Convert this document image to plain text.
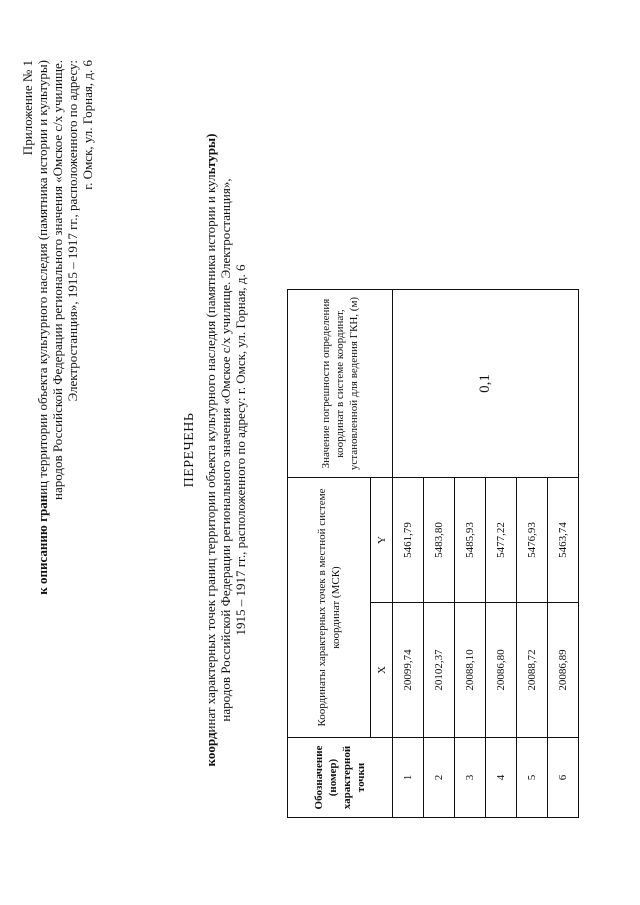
Приложение № 1
к описанию границ территории объекта культурного наследия (памятника истории и культуры) народов Российской Федерации регионального значения «Омское с/х училище. Электростанция», 1915 – 1917 гг., расположенного по адресу: г. Омск, ул. Горная, д. 6
ПЕРЕЧЕНЬ
координат характерных точек границ территории объекта культурного наследия (памятника истории и культуры)
народов Российской Федерации регионального значения «Омское с/х училище. Электростанция», 1915 – 1917 гг., расположенного по адресу: г. Омск, ул. Горная, д. 6
Обозначение (номер) характерной точки	Координаты характерных точек в местной системе координат (МСК)		Значение погрешности определения координат в системе координат, установленной для ведения ГКН, (м)
	X	Y	
1	20099,74	5461,79	0,1
2	20102,37	5483,80	
3	20088,10	5485,93	
4	20086,80	5477,22	
5	20088,72	5476,93	
6	20086,89	5463,74	
